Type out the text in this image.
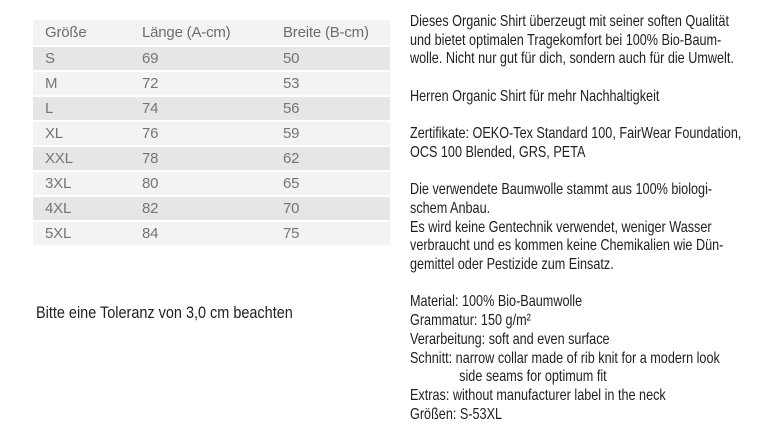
Größe	Länge (A-cm)	Breite (B-cm)
S	69	50
M	72	53
L	74	56
XL	76	59
XXL	78	62
3XL	80	65
4XL	82	70
5XL	84	75
Bitte eine Toleranz von 3,0 cm beachten
Dieses Organic Shirt überzeugt mit seiner soften Qualität
und bietet optimalen Tragekomfort bei 100% Bio-Baum-
wolle. Nicht nur gut für dich, sondern auch für die Umwelt.
Herren Organic Shirt für mehr Nachhaltigkeit
Zertifikate: OEKO-Tex Standard 100, FairWear Foundation,
OCS 100 Blended, GRS, PETA
Die verwendete Baumwolle stammt aus 100% biologi-
schem Anbau.
Es wird keine Gentechnik verwendet, weniger Wasser
verbraucht und es kommen keine Chemikalien wie Dün-
gemittel oder Pestizide zum Einsatz.
Material: 100% Bio-Baumwolle
Grammatur: 150 g/m²
Verarbeitung: soft and even surface
Schnitt: narrow collar made of rib knit for a modern look
side seams for optimum fit
Extras: without manufacturer label in the neck
Größen: S-53XL
